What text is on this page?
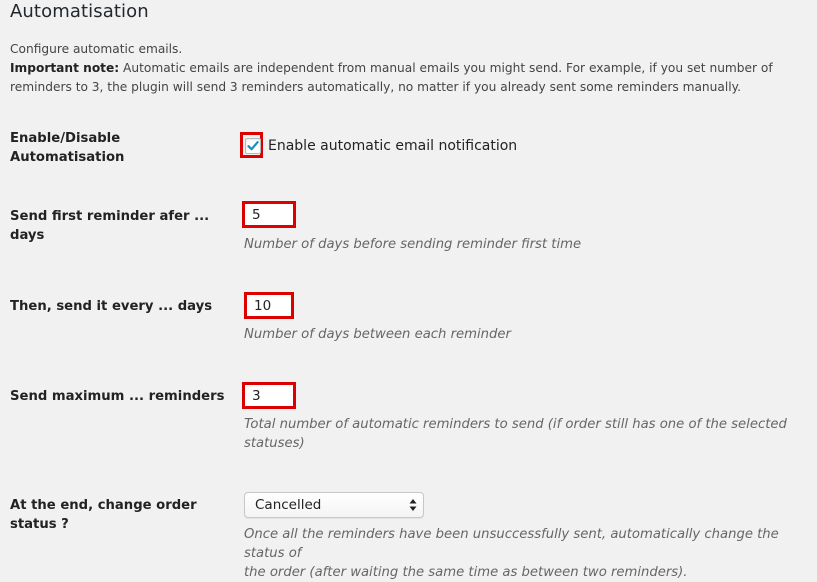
Automatisation

Configure automatic emails.

Important note: Automatic emails are independent from manual emails you might send. For example, if you set number of reminders to 3, the plugin will send 3 reminders automatically, no matter if you already sent some reminders manually.

Enable/Disable
Automatisation
Enable automatic email notification
Send first reminder afer ...
days
5
Number of days before sending reminder first time
Then, send it every ... days
10
Number of days between each reminder
Send maximum ... reminders
3
Total number of automatic reminders to send (if order still has one of the selected
statuses)
At the end, change order
status ?
Cancelled
Once all the reminders have been unsuccessfully sent, automatically change the status of
the order (after waiting the same time as between two reminders).
